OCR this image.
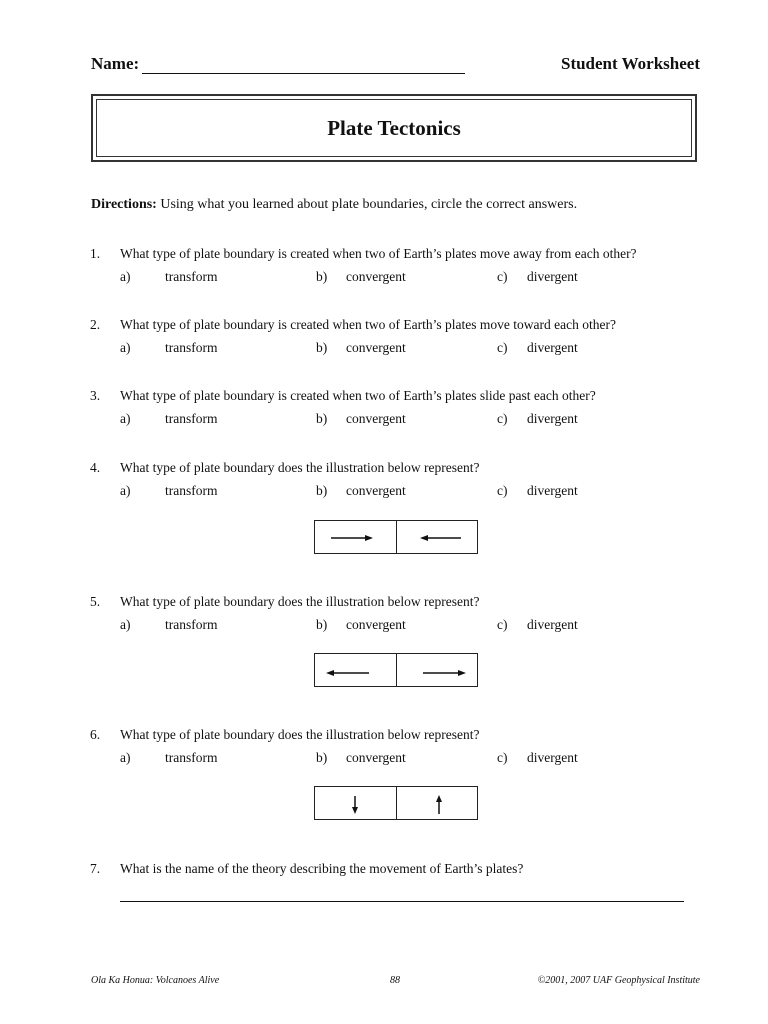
Name:	Student Worksheet
Plate Tectonics
Directions: Using what you learned about plate boundaries, circle the correct answers.
1. What type of plate boundary is created when two of Earth’s plates move away from each other?
a)	transform	b) convergent	c) divergent
2. What type of plate boundary is created when two of Earth’s plates move toward each other?
a)	transform	b) convergent	c) divergent
3. What type of plate boundary is created when two of Earth’s plates slide past each other?
a)	transform	b) convergent	c) divergent
4. What type of plate boundary does the illustration below represent?
a)	transform	b) convergent	c) divergent
5. What type of plate boundary does the illustration below represent?
a)	transform	b) convergent	c) divergent
6. What type of plate boundary does the illustration below represent?
a)	transform	b) convergent	c) divergent
7. What is the name of the theory describing the movement of Earth’s plates?
Ola Ka Honua: Volcanoes Alive	88	©2001, 2007 UAF Geophysical Institute
